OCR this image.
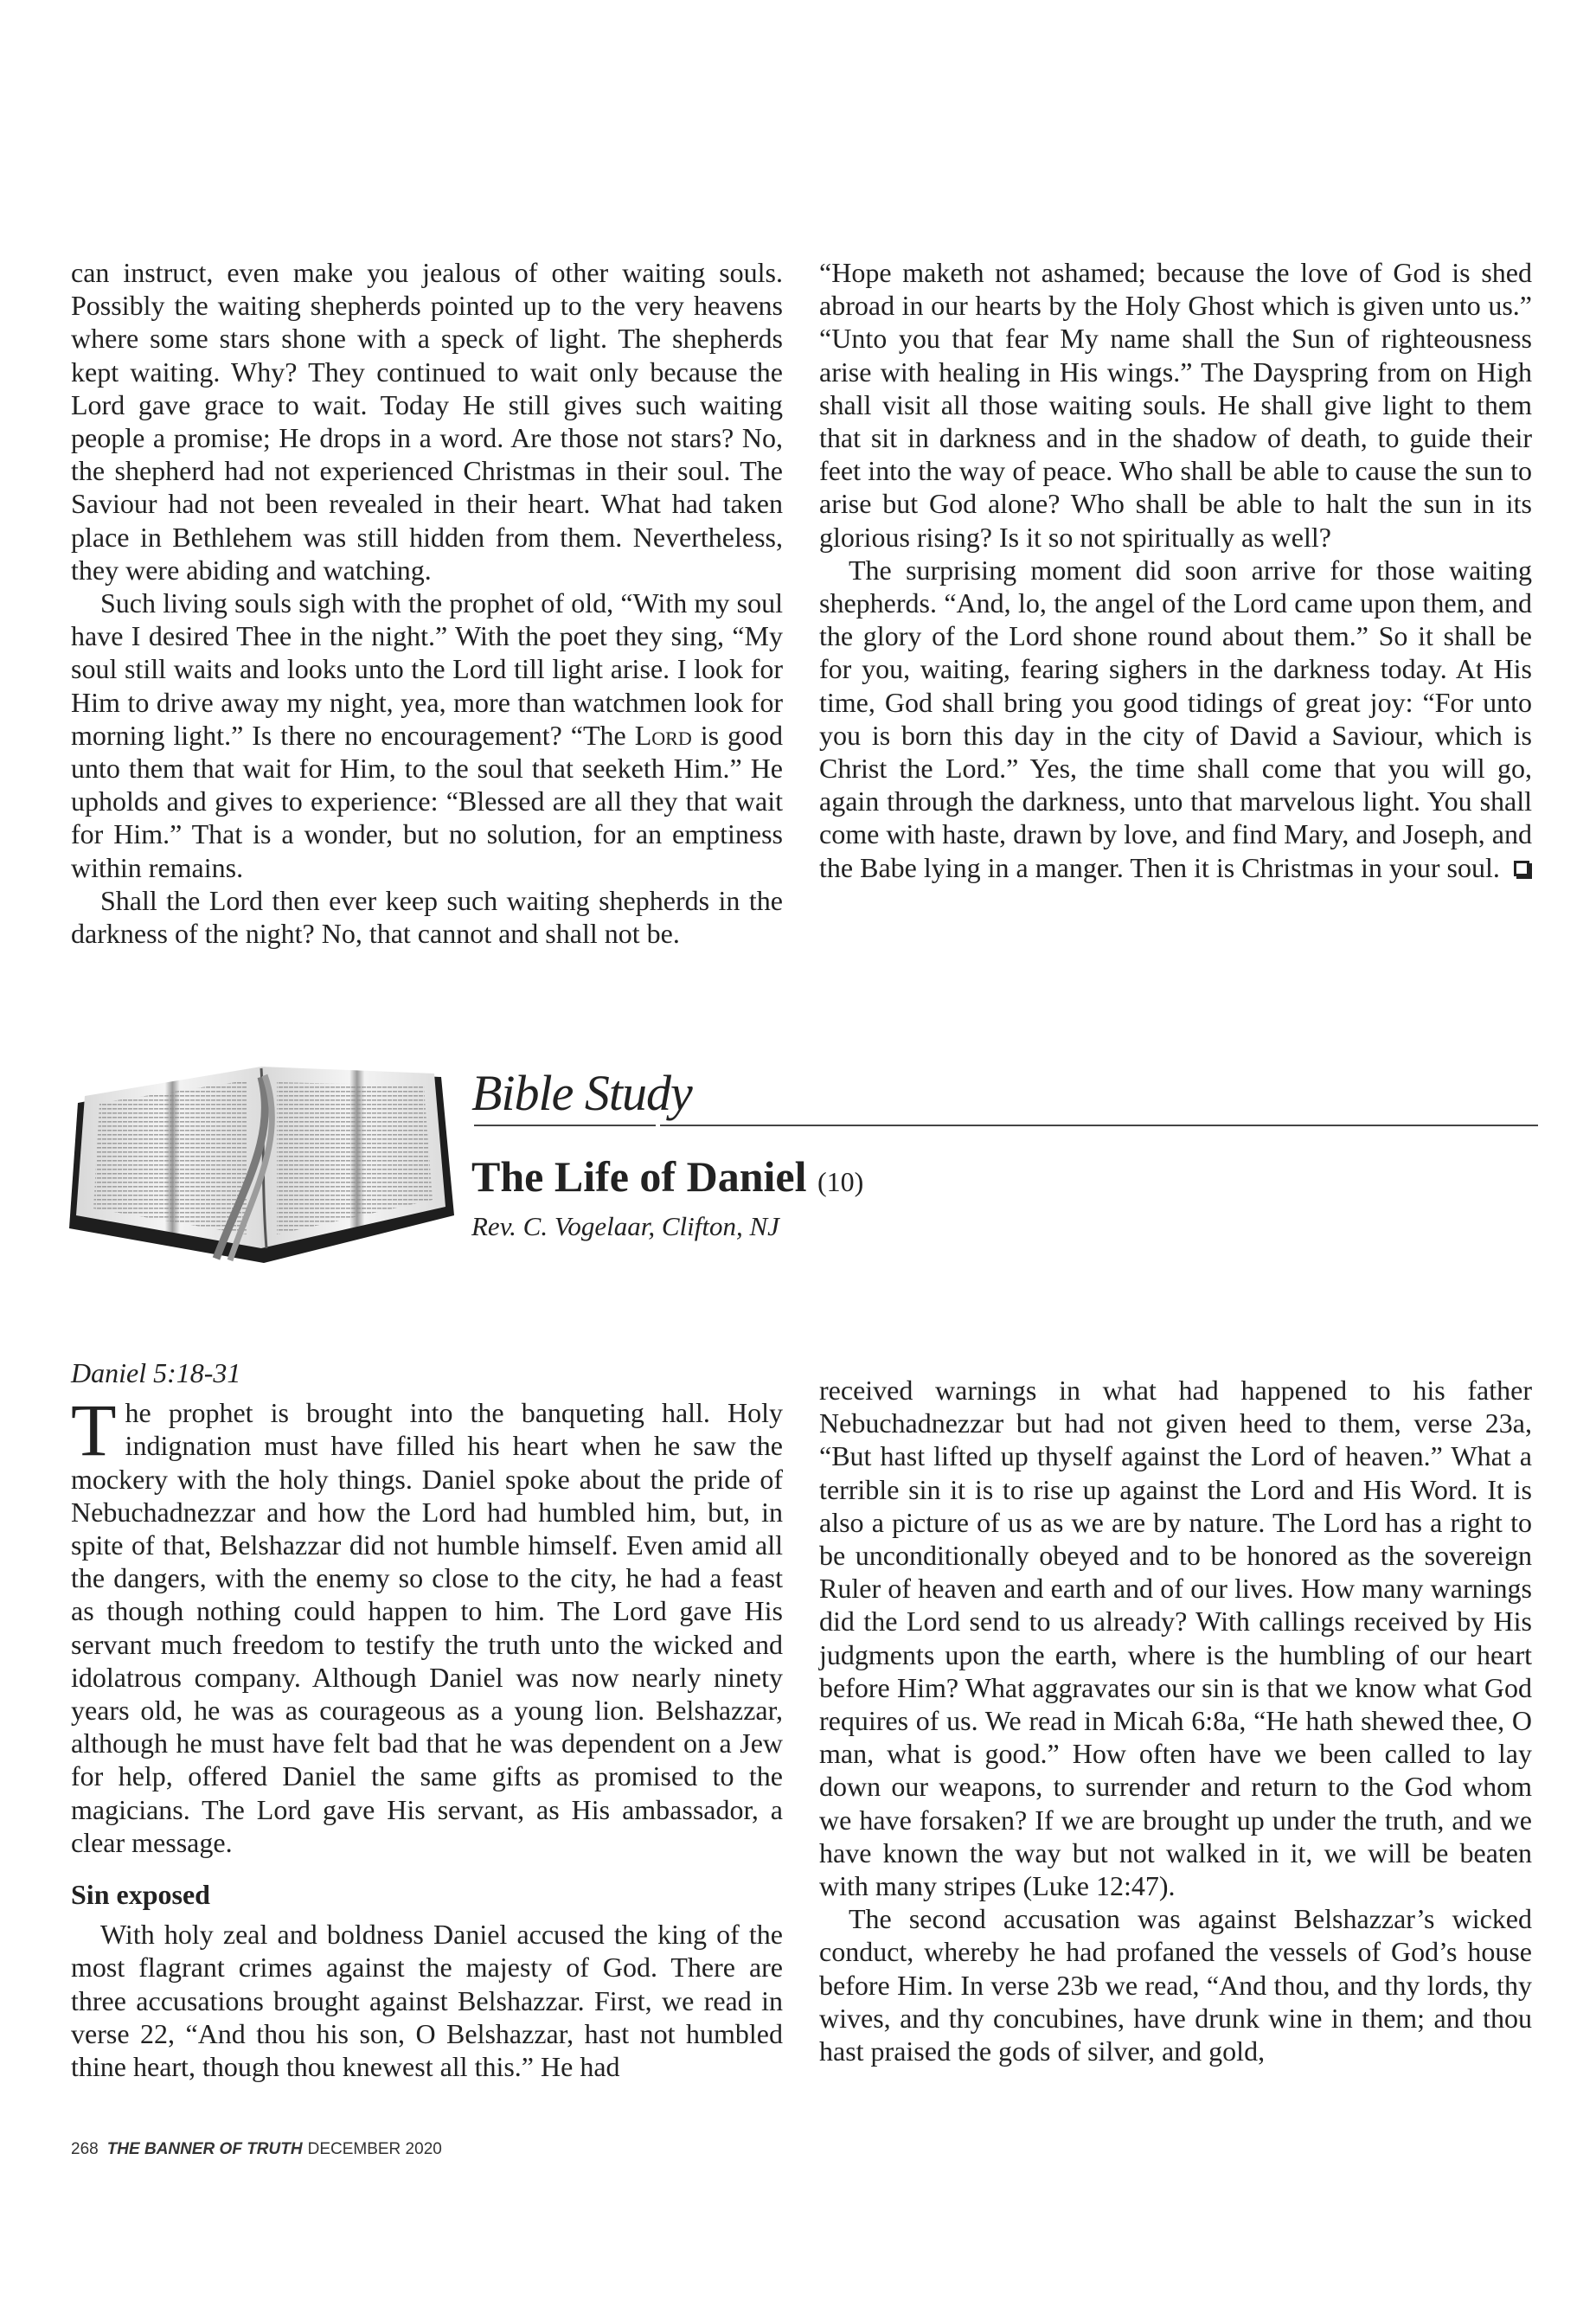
can instruct, even make you jealous of other waiting souls. Possibly the waiting shepherds pointed up to the very heavens where some stars shone with a speck of light. The shepherds kept waiting. Why? They continued to wait only because the Lord gave grace to wait. Today He still gives such waiting people a promise; He drops in a word. Are those not stars? No, the shepherd had not experienced Christmas in their soul. The Saviour had not been revealed in their heart. What had taken place in Bethlehem was still hidden from them. Nevertheless, they were abiding and watching.

Such living souls sigh with the prophet of old, “With my soul have I desired Thee in the night.” With the poet they sing, “My soul still waits and looks unto the Lord till light arise. I look for Him to drive away my night, yea, more than watchmen look for morning light.” Is there no encouragement? “The Lord is good unto them that wait for Him, to the soul that seeketh Him.” He upholds and gives to experience: “Blessed are all they that wait for Him.” That is a wonder, but no solution, for an emptiness within remains.

Shall the Lord then ever keep such waiting shepherds in the darkness of the night? No, that cannot and shall not be.

“Hope maketh not ashamed; because the love of God is shed abroad in our hearts by the Holy Ghost which is given unto us.” “Unto you that fear My name shall the Sun of righteousness arise with healing in His wings.” The Dayspring from on High shall visit all those waiting souls. He shall give light to them that sit in darkness and in the shadow of death, to guide their feet into the way of peace. Who shall be able to cause the sun to arise but God alone? Who shall be able to halt the sun in its glorious rising? Is it so not spiritually as well?

The surprising moment did soon arrive for those waiting shepherds. “And, lo, the angel of the Lord came upon them, and the glory of the Lord shone round about them.” So it shall be for you, waiting, fearing sighers in the darkness today. At His time, God shall bring you good tidings of great joy: “For unto you is born this day in the city of David a Saviour, which is Christ the Lord.” Yes, the time shall come that you will go, again through the darkness, unto that marvelous light. You shall come with haste, drawn by love, and find Mary, and Joseph, and the Babe lying in a manger. Then it is Christmas in your soul.

Bible Study
The Life of Daniel (10)
Rev. C. Vogelaar, Clifton, NJ

Daniel 5:18-31

The prophet is brought into the banqueting hall. Holy indignation must have filled his heart when he saw the mockery with the holy things. Daniel spoke about the pride of Nebuchadnezzar and how the Lord had humbled him, but, in spite of that, Belshazzar did not humble himself. Even amid all the dangers, with the enemy so close to the city, he had a feast as though nothing could happen to him. The Lord gave His servant much freedom to testify the truth unto the wicked and idolatrous company. Although Daniel was now nearly ninety years old, he was as courageous as a young lion. Belshazzar, although he must have felt bad that he was dependent on a Jew for help, offered Daniel the same gifts as promised to the magicians. The Lord gave His servant, as His ambassador, a clear message.

Sin exposed

With holy zeal and boldness Daniel accused the king of the most flagrant crimes against the majesty of God. There are three accusations brought against Belshazzar. First, we read in verse 22, “And thou his son, O Belshazzar, hast not humbled thine heart, though thou knewest all this.” He had

received warnings in what had happened to his father Nebuchadnezzar but had not given heed to them, verse 23a, “But hast lifted up thyself against the Lord of heaven.” What a terrible sin it is to rise up against the Lord and His Word. It is also a picture of us as we are by nature. The Lord has a right to be unconditionally obeyed and to be honored as the sovereign Ruler of heaven and earth and of our lives. How many warnings did the Lord send to us already? With callings received by His judgments upon the earth, where is the humbling of our heart before Him? What aggravates our sin is that we know what God requires of us. We read in Micah 6:8a, “He hath shewed thee, O man, what is good.” How often have we been called to lay down our weapons, to surrender and return to the God whom we have forsaken? If we are brought up under the truth, and we have known the way but not walked in it, we will be beaten with many stripes (Luke 12:47).

The second accusation was against Belshazzar’s wicked conduct, whereby he had profaned the vessels of God’s house before Him. In verse 23b we read, “And thou, and thy lords, thy wives, and thy concubines, have drunk wine in them; and thou hast praised the gods of silver, and gold,

268 THE BANNER OF TRUTH DECEMBER 2020
